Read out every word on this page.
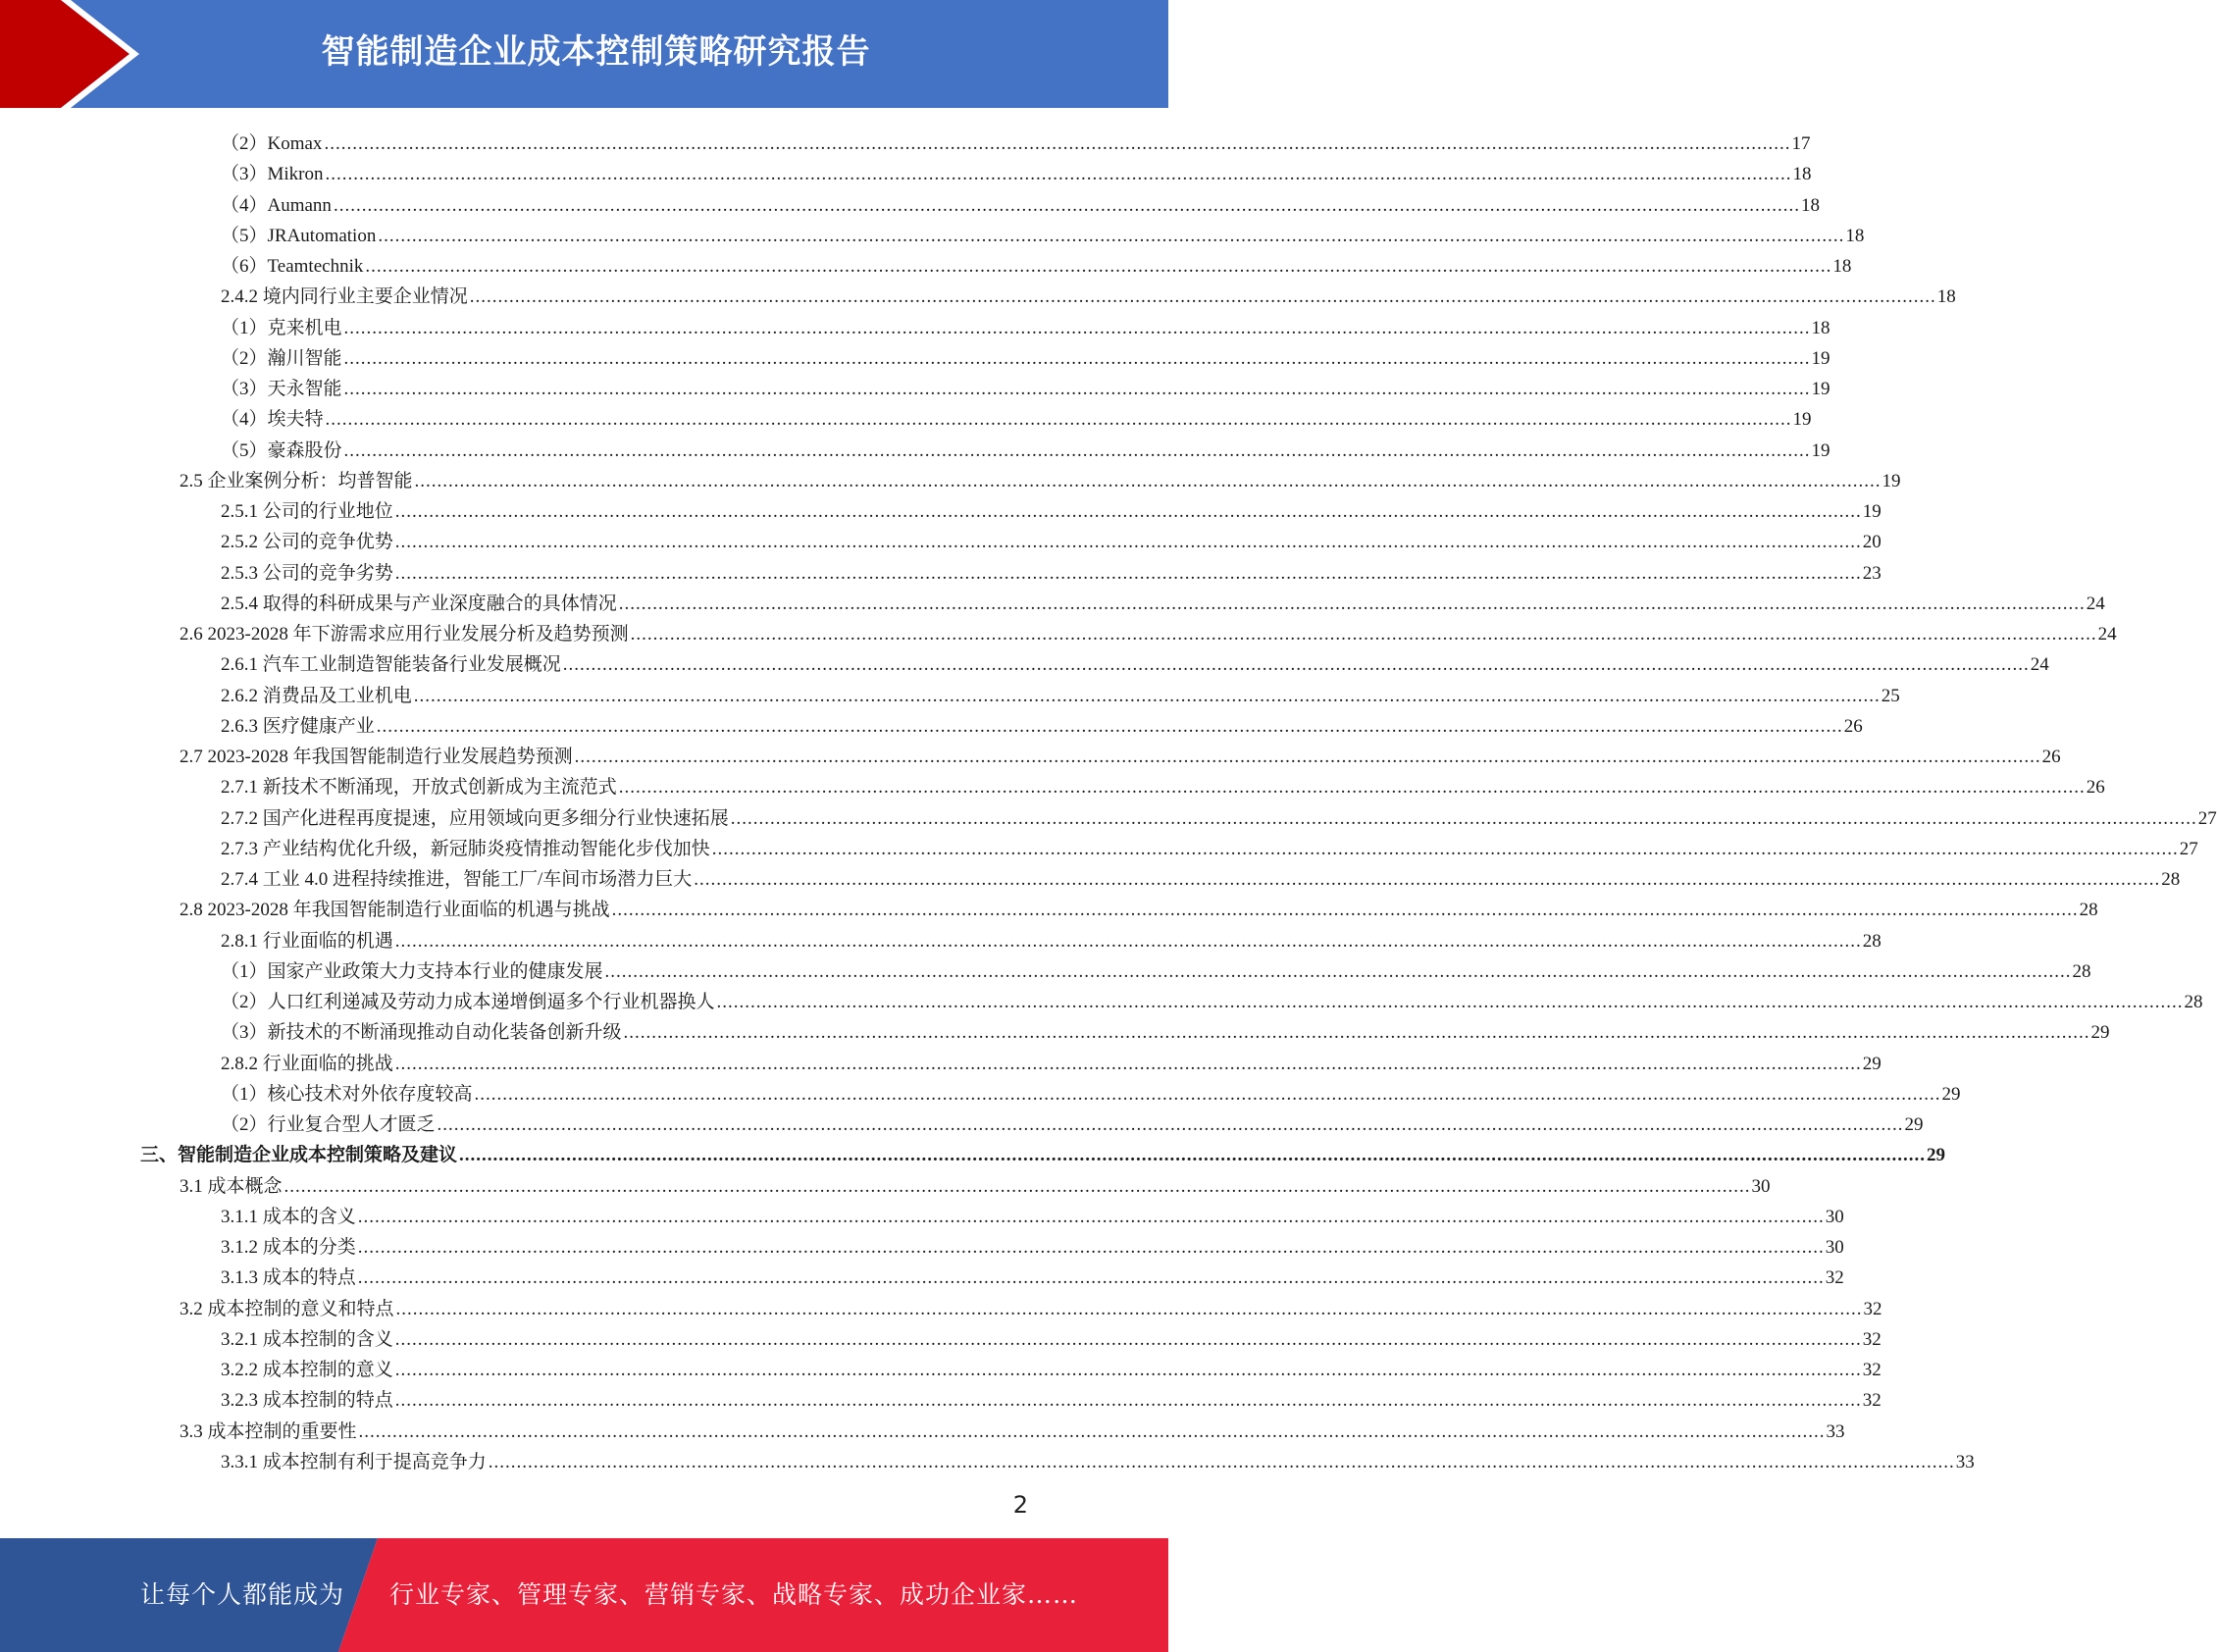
智能制造企业成本控制策略研究报告
（2）Komax .................................................................................................................................................................................................................................................................... 17
（3）Mikron .................................................................................................................................................................................................................................................................... 18
（4）Aumann .................................................................................................................................................................................................................................................................... 18
（5）JRAutomation .................................................................................................................................................................................................................................................................... 18
（6）Teamtechnik .................................................................................................................................................................................................................................................................... 18
2.4.2 境内同行业主要企业情况 .................................................................................................................................................................................................................................................................... 18
（1）克来机电 .................................................................................................................................................................................................................................................................... 18
（2）瀚川智能 .................................................................................................................................................................................................................................................................... 19
（3）天永智能 .................................................................................................................................................................................................................................................................... 19
（4）埃夫特 .................................................................................................................................................................................................................................................................... 19
（5）豪森股份 .................................................................................................................................................................................................................................................................... 19
2.5 企业案例分析：均普智能 .................................................................................................................................................................................................................................................................... 19
2.5.1 公司的行业地位 .................................................................................................................................................................................................................................................................... 19
2.5.2 公司的竞争优势 .................................................................................................................................................................................................................................................................... 20
2.5.3 公司的竞争劣势 .................................................................................................................................................................................................................................................................... 23
2.5.4 取得的科研成果与产业深度融合的具体情况 .................................................................................................................................................................................................................................................................... 24
2.6 2023-2028 年下游需求应用行业发展分析及趋势预测 .................................................................................................................................................................................................................................................................... 24
2.6.1 汽车工业制造智能装备行业发展概况 .................................................................................................................................................................................................................................................................... 24
2.6.2 消费品及工业机电 .................................................................................................................................................................................................................................................................... 25
2.6.3 医疗健康产业 .................................................................................................................................................................................................................................................................... 26
2.7 2023-2028 年我国智能制造行业发展趋势预测 .................................................................................................................................................................................................................................................................... 26
2.7.1 新技术不断涌现，开放式创新成为主流范式 .................................................................................................................................................................................................................................................................... 26
2.7.2 国产化进程再度提速，应用领域向更多细分行业快速拓展 .................................................................................................................................................................................................................................................................... 27
2.7.3 产业结构优化升级，新冠肺炎疫情推动智能化步伐加快 .................................................................................................................................................................................................................................................................... 27
2.7.4 工业 4.0 进程持续推进，智能工厂/车间市场潜力巨大 .................................................................................................................................................................................................................................................................... 28
2.8 2023-2028 年我国智能制造行业面临的机遇与挑战 .................................................................................................................................................................................................................................................................... 28
2.8.1 行业面临的机遇 .................................................................................................................................................................................................................................................................... 28
（1）国家产业政策大力支持本行业的健康发展 .................................................................................................................................................................................................................................................................... 28
（2）人口红利递减及劳动力成本递增倒逼多个行业机器换人 .................................................................................................................................................................................................................................................................... 28
（3）新技术的不断涌现推动自动化装备创新升级 .................................................................................................................................................................................................................................................................... 29
2.8.2 行业面临的挑战 .................................................................................................................................................................................................................................................................... 29
（1）核心技术对外依存度较高 .................................................................................................................................................................................................................................................................... 29
（2）行业复合型人才匮乏 .................................................................................................................................................................................................................................................................... 29
三、智能制造企业成本控制策略及建议 .................................................................................................................................................................................................................................................................... 29
3.1 成本概念 .................................................................................................................................................................................................................................................................... 30
3.1.1 成本的含义 .................................................................................................................................................................................................................................................................... 30
3.1.2 成本的分类 .................................................................................................................................................................................................................................................................... 30
3.1.3 成本的特点 .................................................................................................................................................................................................................................................................... 32
3.2 成本控制的意义和特点 .................................................................................................................................................................................................................................................................... 32
3.2.1 成本控制的含义 .................................................................................................................................................................................................................................................................... 32
3.2.2 成本控制的意义 .................................................................................................................................................................................................................................................................... 32
3.2.3 成本控制的特点 .................................................................................................................................................................................................................................................................... 32
3.3 成本控制的重要性 .................................................................................................................................................................................................................................................................... 33
3.3.1 成本控制有利于提高竞争力 .................................................................................................................................................................................................................................................................... 33
2
让每个人都能成为 行业专家、管理专家、营销专家、战略专家、成功企业家……
